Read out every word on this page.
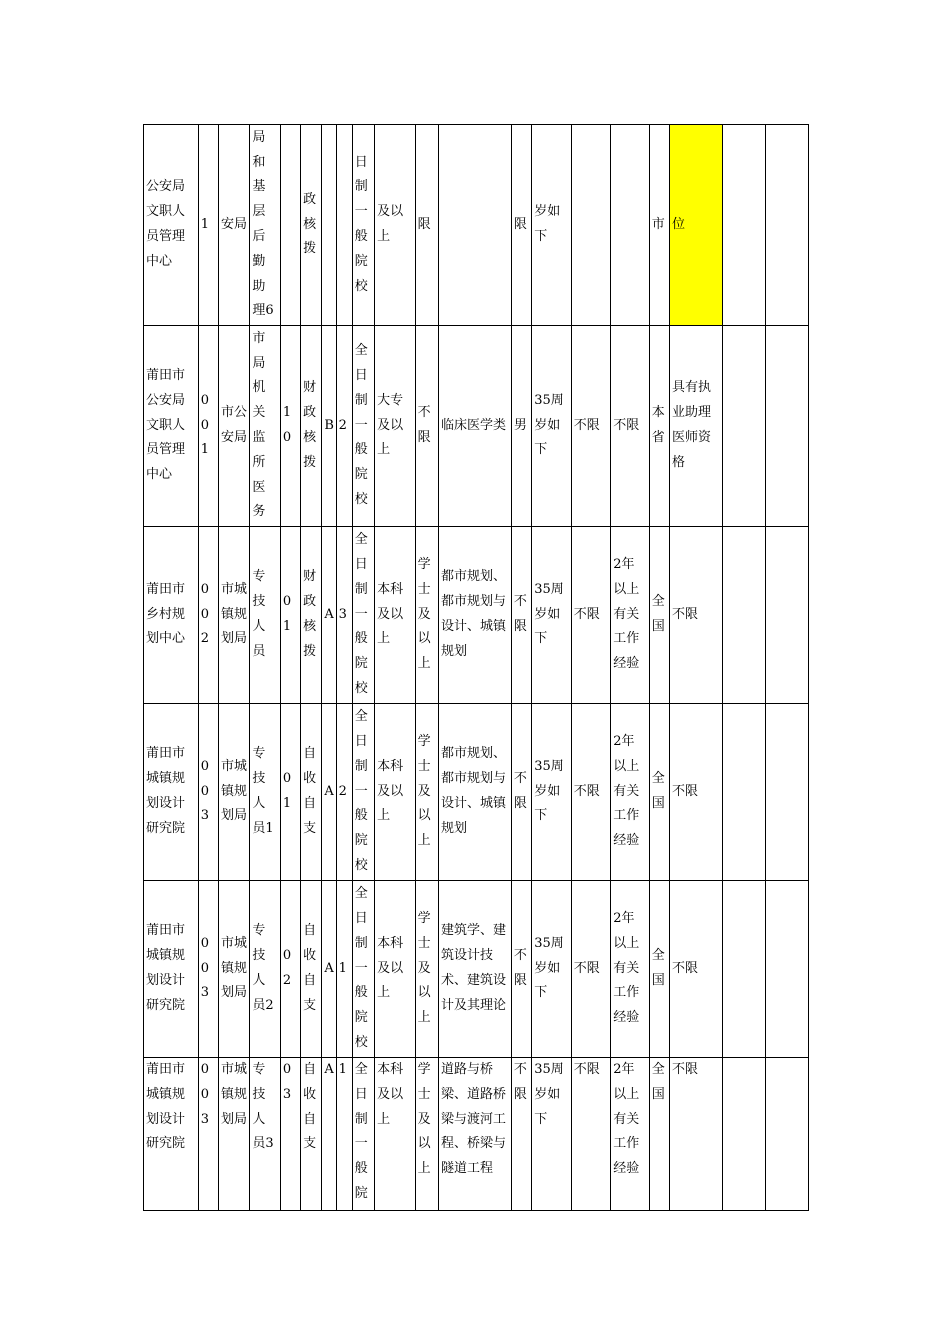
公安局文职人员管理中心	1	安局	局和基层后勤助理6		政核拨			日制一般院校	及以上	限		限	岁如下			市	位		
莆田市公安局文职人员管理中心	001	市公安局	市局机关监所医务	10	财政核拨	B	2	全日制一般院校	大专及以上	不限	临床医学类	男	35周岁如下	不限	不限	本省	具有执业助理医师资格		
莆田市乡村规划中心	002	市城镇规划局	专技人员	01	财政核拨	A	3	全日制一般院校	本科及以上	学士及以上	都市规划、都市规划与设计、城镇规划	不限	35周岁如下	不限	2年以上有关工作经验	全国	不限		
莆田市城镇规划设计研究院	003	市城镇规划局	专技人员1	01	自收自支	A	2	全日制一般院校	本科及以上	学士及以上	都市规划、都市规划与设计、城镇规划	不限	35周岁如下	不限	2年以上有关工作经验	全国	不限		
莆田市城镇规划设计研究院	003	市城镇规划局	专技人员2	02	自收自支	A	1	全日制一般院校	本科及以上	学士及以上	建筑学、建筑设计技术、建筑设计及其理论	不限	35周岁如下	不限	2年以上有关工作经验	全国	不限		
莆田市城镇规划设计研究院	003	市城镇规划局	专技人员3	03	自收自支	A	1	全日制一般院	本科及以上	学士及以上	道路与桥梁、道路桥梁与渡河工程、桥梁与隧道工程	不限	35周岁如下	不限	2年以上有关工作经验	全国	不限		
